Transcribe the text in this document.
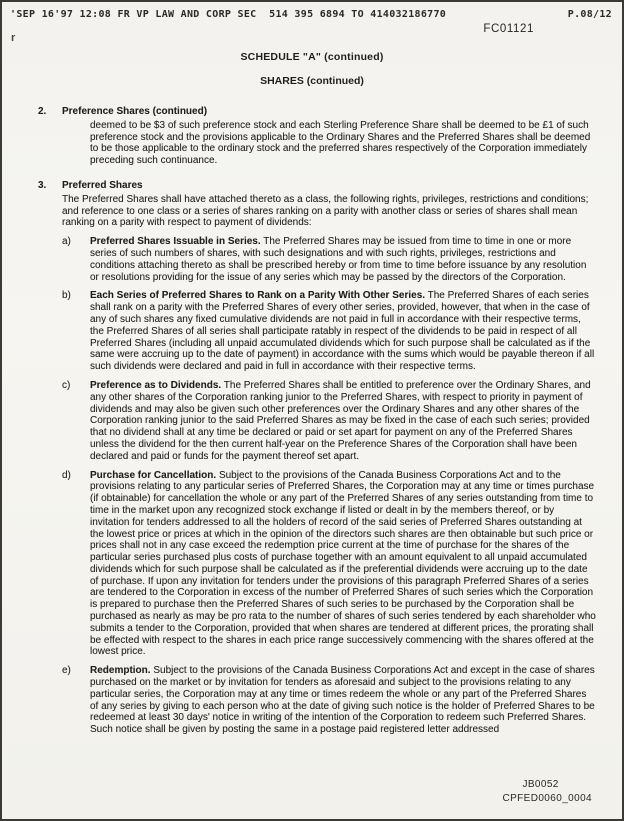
'SEP 16'97 12:08 FR VP LAW AND CORP SEC  514 395 6894 TO 414032186770	P.08/12
r
FC01121
SCHEDULE "A" (continued)
SHARES (continued)
2.	Preference Shares (continued)

deemed to be $3 of such preference stock and each Sterling Preference Share shall be deemed to be £1 of such preference stock and the provisions applicable to the Ordinary Shares and the Preferred Shares shall be deemed to be those applicable to the ordinary stock and the preferred shares respectively of the Corporation immediately preceding such continuance.

3.	Preferred Shares

The Preferred Shares shall have attached thereto as a class, the following rights, privileges, restrictions and conditions; and reference to one class or a series of shares ranking on a parity with another class or series of shares shall mean ranking on a parity with respect to payment of dividends:

a)	Preferred Shares Issuable in Series. The Preferred Shares may be issued from time to time in one or more series of such numbers of shares, with such designations and with such rights, privileges, restrictions and conditions attaching thereto as shall be prescribed hereby or from time to time before issuance by any resolution or resolutions providing for the issue of any series which may be passed by the directors of the Corporation.

b)	Each Series of Preferred Shares to Rank on a Parity With Other Series. The Preferred Shares of each series shall rank on a parity with the Preferred Shares of every other series, provided, however, that when in the case of any of such shares any fixed cumulative dividends are not paid in full in accordance with their respective terms, the Preferred Shares of all series shall participate ratably in respect of the dividends to be paid in respect of all Preferred Shares (including all unpaid accumulated dividends which for such purpose shall be calculated as if the same were accruing up to the date of payment) in accordance with the sums which would be payable thereon if all such dividends were declared and paid in full in accordance with their respective terms.

c)	Preference as to Dividends. The Preferred Shares shall be entitled to preference over the Ordinary Shares, and any other shares of the Corporation ranking junior to the Preferred Shares, with respect to priority in payment of dividends and may also be given such other preferences over the Ordinary Shares and any other shares of the Corporation ranking junior to the said Preferred Shares as may be fixed in the case of each such series; provided that no dividend shall at any time be declared or paid or set apart for payment on any of the Preferred Shares unless the dividend for the then current half-year on the Preference Shares of the Corporation shall have been declared and paid or funds for the payment thereof set apart.

d)	Purchase for Cancellation. Subject to the provisions of the Canada Business Corporations Act and to the provisions relating to any particular series of Preferred Shares, the Corporation may at any time or times purchase (if obtainable) for cancellation the whole or any part of the Preferred Shares of any series outstanding from time to time in the market upon any recognized stock exchange if listed or dealt in by the members thereof, or by invitation for tenders addressed to all the holders of record of the said series of Preferred Shares outstanding at the lowest price or prices at which in the opinion of the directors such shares are then obtainable but such price or prices shall not in any case exceed the redemption price current at the time of purchase for the shares of the particular series purchased plus costs of purchase together with an amount equivalent to all unpaid accumulated dividends which for such purpose shall be calculated as if the preferential dividends were accruing up to the date of purchase. If upon any invitation for tenders under the provisions of this paragraph Preferred Shares of a series are tendered to the Corporation in excess of the number of Preferred Shares of such series which the Corporation is prepared to purchase then the Preferred Shares of such series to be purchased by the Corporation shall be purchased as nearly as may be pro rata to the number of shares of such series tendered by each shareholder who submits a tender to the Corporation, provided that when shares are tendered at different prices, the prorating shall be effected with respect to the shares in each price range successively commencing with the shares offered at the lowest price.

e)	Redemption. Subject to the provisions of the Canada Business Corporations Act and except in the case of shares purchased on the market or by invitation for tenders as aforesaid and subject to the provisions relating to any particular series, the Corporation may at any time or times redeem the whole or any part of the Preferred Shares of any series by giving to each person who at the date of giving such notice is the holder of Preferred Shares to be redeemed at least 30 days' notice in writing of the intention of the Corporation to redeem such Preferred Shares. Such notice shall be given by posting the same in a postage paid registered letter addressed

JB0052
CPFED0060_0004
